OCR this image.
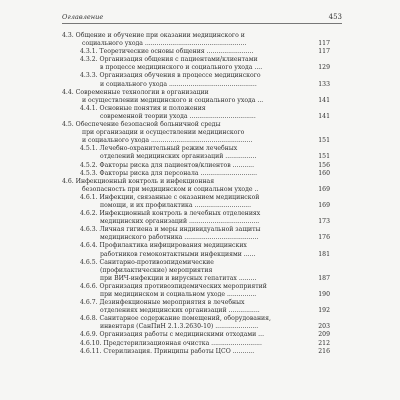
Оглавление	453
4.3. Общение и обучение при оказании медицинского и
социального ухода ....................................................	117
4.3.1. Теоретические основы общения ........................	117
4.3.2. Организация общения с пациентами/клиентами
в процессе медицинского и социального ухода ....	129
4.3.3. Организация обучения в процессе медицинского
и социального ухода .............................................	133
4.4. Современные технологии в организации
и осуществлении медицинского и социального ухода ...	141
4.4.1. Основные понятия и положения
современной теории ухода ..................................	141
4.5. Обеспечение безопасной больничной среды
при организации и осуществлении медицинского
и социального ухода ....................................................	151
4.5.1. Лечебно-охранительный режим лечебных
отделений медицинских организаций ................	151
4.5.2. Факторы риска для пациентов/клиентов ...........	156
4.5.3. Факторы риска для персонала .............................	160
4.6. Инфекционный контроль и инфекционная
безопасность при медицинском и социальном уходе ..	169
4.6.1. Инфекции, связанные с оказанием медицинской
помощи, и их профилактика .............................	169
4.6.2. Инфекционный контроль в лечебных отделениях
медицинских организаций ....................................	173
4.6.3. Личная гигиена и меры индивидуальной защиты
медицинского работника ......................................	176
4.6.4. Профилактика инфицирования медицинских
работников гемоконтактными инфекциями ......	181
4.6.5. Санитарно-противоэпидемические
(профилактические) мероприятия
при ВИЧ-инфекции и вирусных гепатитах .........	187
4.6.6. Организация противоэпидемических мероприятий
при медицинском и социальном уходе ...............	190
4.6.7. Дезинфекционные мероприятия в лечебных
отделениях медицинских организаций ................	192
4.6.8. Санитарное содержание помещений, оборудования,
инвентаря (СанПиН 2.1.3.2630-10) ......................	203
4.6.9. Организация работы с медицинскими отходами ...	209
4.6.10. Предстерилизационная очистка ..........................	212
4.6.11. Стерилизация. Принципы работы ЦСО ...........	216
